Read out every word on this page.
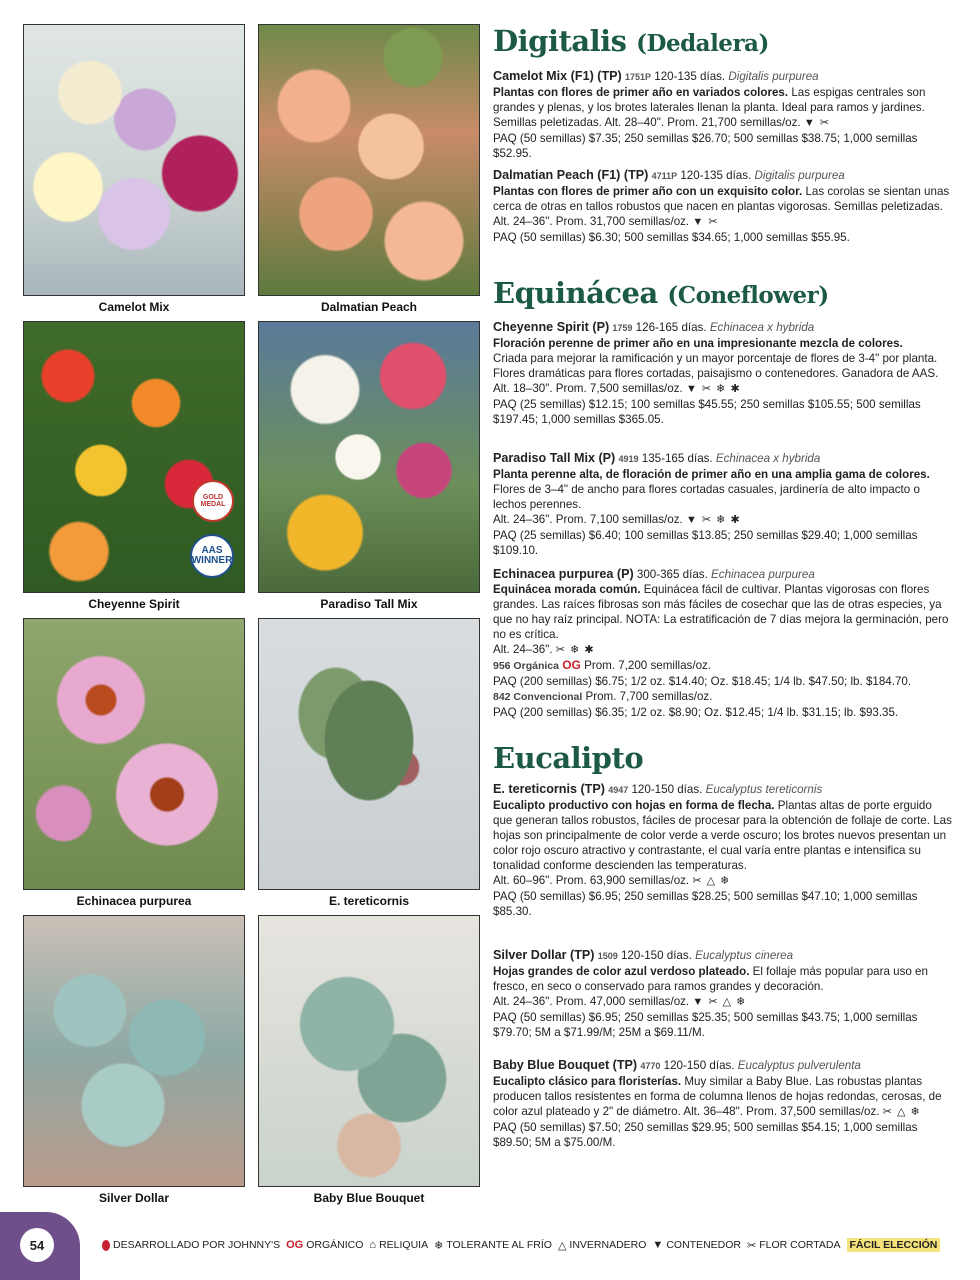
Camelot Mix	Dalmatian Peach
GOLD MEDAL
AAS WINNER
Cheyenne Spirit	Paradiso Tall Mix
Echinacea purpurea	E. tereticornis
Silver Dollar	Baby Blue Bouquet
Digitalis (Dedalera)
Camelot Mix (F1) (TP) 1751P 120-135 días. Digitalis purpurea
Plantas con flores de primer año en variados colores. Las espigas centrales son grandes y plenas, y los brotes laterales llenan la planta. Ideal para ramos y jardines. Semillas peletizadas. Alt. 28–40". Prom. 21,700 semillas/oz. ▼ ✂
PAQ (50 semillas) $7.35; 250 semillas $26.70; 500 semillas $38.75; 1,000 semillas $52.95.
Dalmatian Peach (F1) (TP) 4711P 120-135 días. Digitalis purpurea
Plantas con flores de primer año con un exquisito color. Las corolas se sientan unas cerca de otras en tallos robustos que nacen en plantas vigorosas. Semillas peletizadas.
Alt. 24–36". Prom. 31,700 semillas/oz. ▼ ✂
PAQ (50 semillas) $6.30; 500 semillas $34.65; 1,000 semillas $55.95.
Equinácea (Coneflower)
Cheyenne Spirit (P) 1759 126-165 días. Echinacea x hybrida
Floración perenne de primer año en una impresionante mezcla de colores.
Criada para mejorar la ramificación y un mayor porcentaje de flores de 3-4" por planta. Flores dramáticas para flores cortadas, paisajismo o contenedores. Ganadora de AAS.
Alt. 18–30". Prom. 7,500 semillas/oz. ▼ ✂ ❄ ✱
PAQ (25 semillas) $12.15; 100 semillas $45.55; 250 semillas $105.55; 500 semillas $197.45; 1,000 semillas $365.05.
Paradiso Tall Mix (P) 4919 135-165 días. Echinacea x hybrida
Planta perenne alta, de floración de primer año en una amplia gama de colores. Flores de 3–4" de ancho para flores cortadas casuales, jardinería de alto impacto o lechos perennes.
Alt. 24–36". Prom. 7,100 semillas/oz. ▼ ✂ ❄ ✱
PAQ (25 semillas) $6.40; 100 semillas $13.85; 250 semillas $29.40; 1,000 semillas $109.10.
Echinacea purpurea (P) 300-365 días. Echinacea purpurea
Equinácea morada común. Equinácea fácil de cultivar. Plantas vigorosas con flores grandes. Las raíces fibrosas son más fáciles de cosechar que las de otras especies, ya que no hay raíz principal. NOTA: La estratificación de 7 días mejora la germinación, pero no es crítica.
Alt. 24–36". ✂ ❄ ✱
956 Orgánica OG Prom. 7,200 semillas/oz.
PAQ (200 semillas) $6.75; 1/2 oz. $14.40; Oz. $18.45; 1/4 lb. $47.50; lb. $184.70.
842 Convencional Prom. 7,700 semillas/oz.
PAQ (200 semillas) $6.35; 1/2 oz. $8.90; Oz. $12.45; 1/4 lb. $31.15; lb. $93.35.
Eucalipto
E. tereticornis (TP) 4947 120-150 días. Eucalyptus tereticornis
Eucalipto productivo con hojas en forma de flecha. Plantas altas de porte erguido que generan tallos robustos, fáciles de procesar para la obtención de follaje de corte. Las hojas son principalmente de color verde a verde oscuro; los brotes nuevos presentan un color rojo oscuro atractivo y contrastante, el cual varía entre plantas e intensifica su tonalidad conforme descienden las temperaturas.
Alt. 60–96". Prom. 63,900 semillas/oz. ✂ △ ❄
PAQ (50 semillas) $6.95; 250 semillas $28.25; 500 semillas $47.10; 1,000 semillas $85.30.
Silver Dollar (TP) 1509 120-150 días. Eucalyptus cinerea
Hojas grandes de color azul verdoso plateado. El follaje más popular para uso en fresco, en seco o conservado para ramos grandes y decoración.
Alt. 24–36". Prom. 47,000 semillas/oz. ▼ ✂ △ ❄
PAQ (50 semillas) $6.95; 250 semillas $25.35; 500 semillas $43.75; 1,000 semillas $79.70; 5M a $71.99/M; 25M a $69.11/M.
Baby Blue Bouquet (TP) 4770 120-150 días. Eucalyptus pulverulenta
Eucalipto clásico para floristerías. Muy similar a Baby Blue. Las robustas plantas producen tallos resistentes en forma de columna llenos de hojas redondas, cerosas, de color azul plateado y 2" de diámetro. Alt. 36–48". Prom. 37,500 semillas/oz. ✂ △ ❄
PAQ (50 semillas) $7.50; 250 semillas $29.95; 500 semillas $54.15; 1,000 semillas $89.50; 5M a $75.00/M.
54	DESARROLLADO POR JOHNNY'S OG ORGÁNICO ⌂ RELIQUIA ❄ TOLERANTE AL FRÍO △ INVERNADERO ▼ CONTENEDOR ✂ FLOR CORTADA FÁCIL ELECCIÓN
